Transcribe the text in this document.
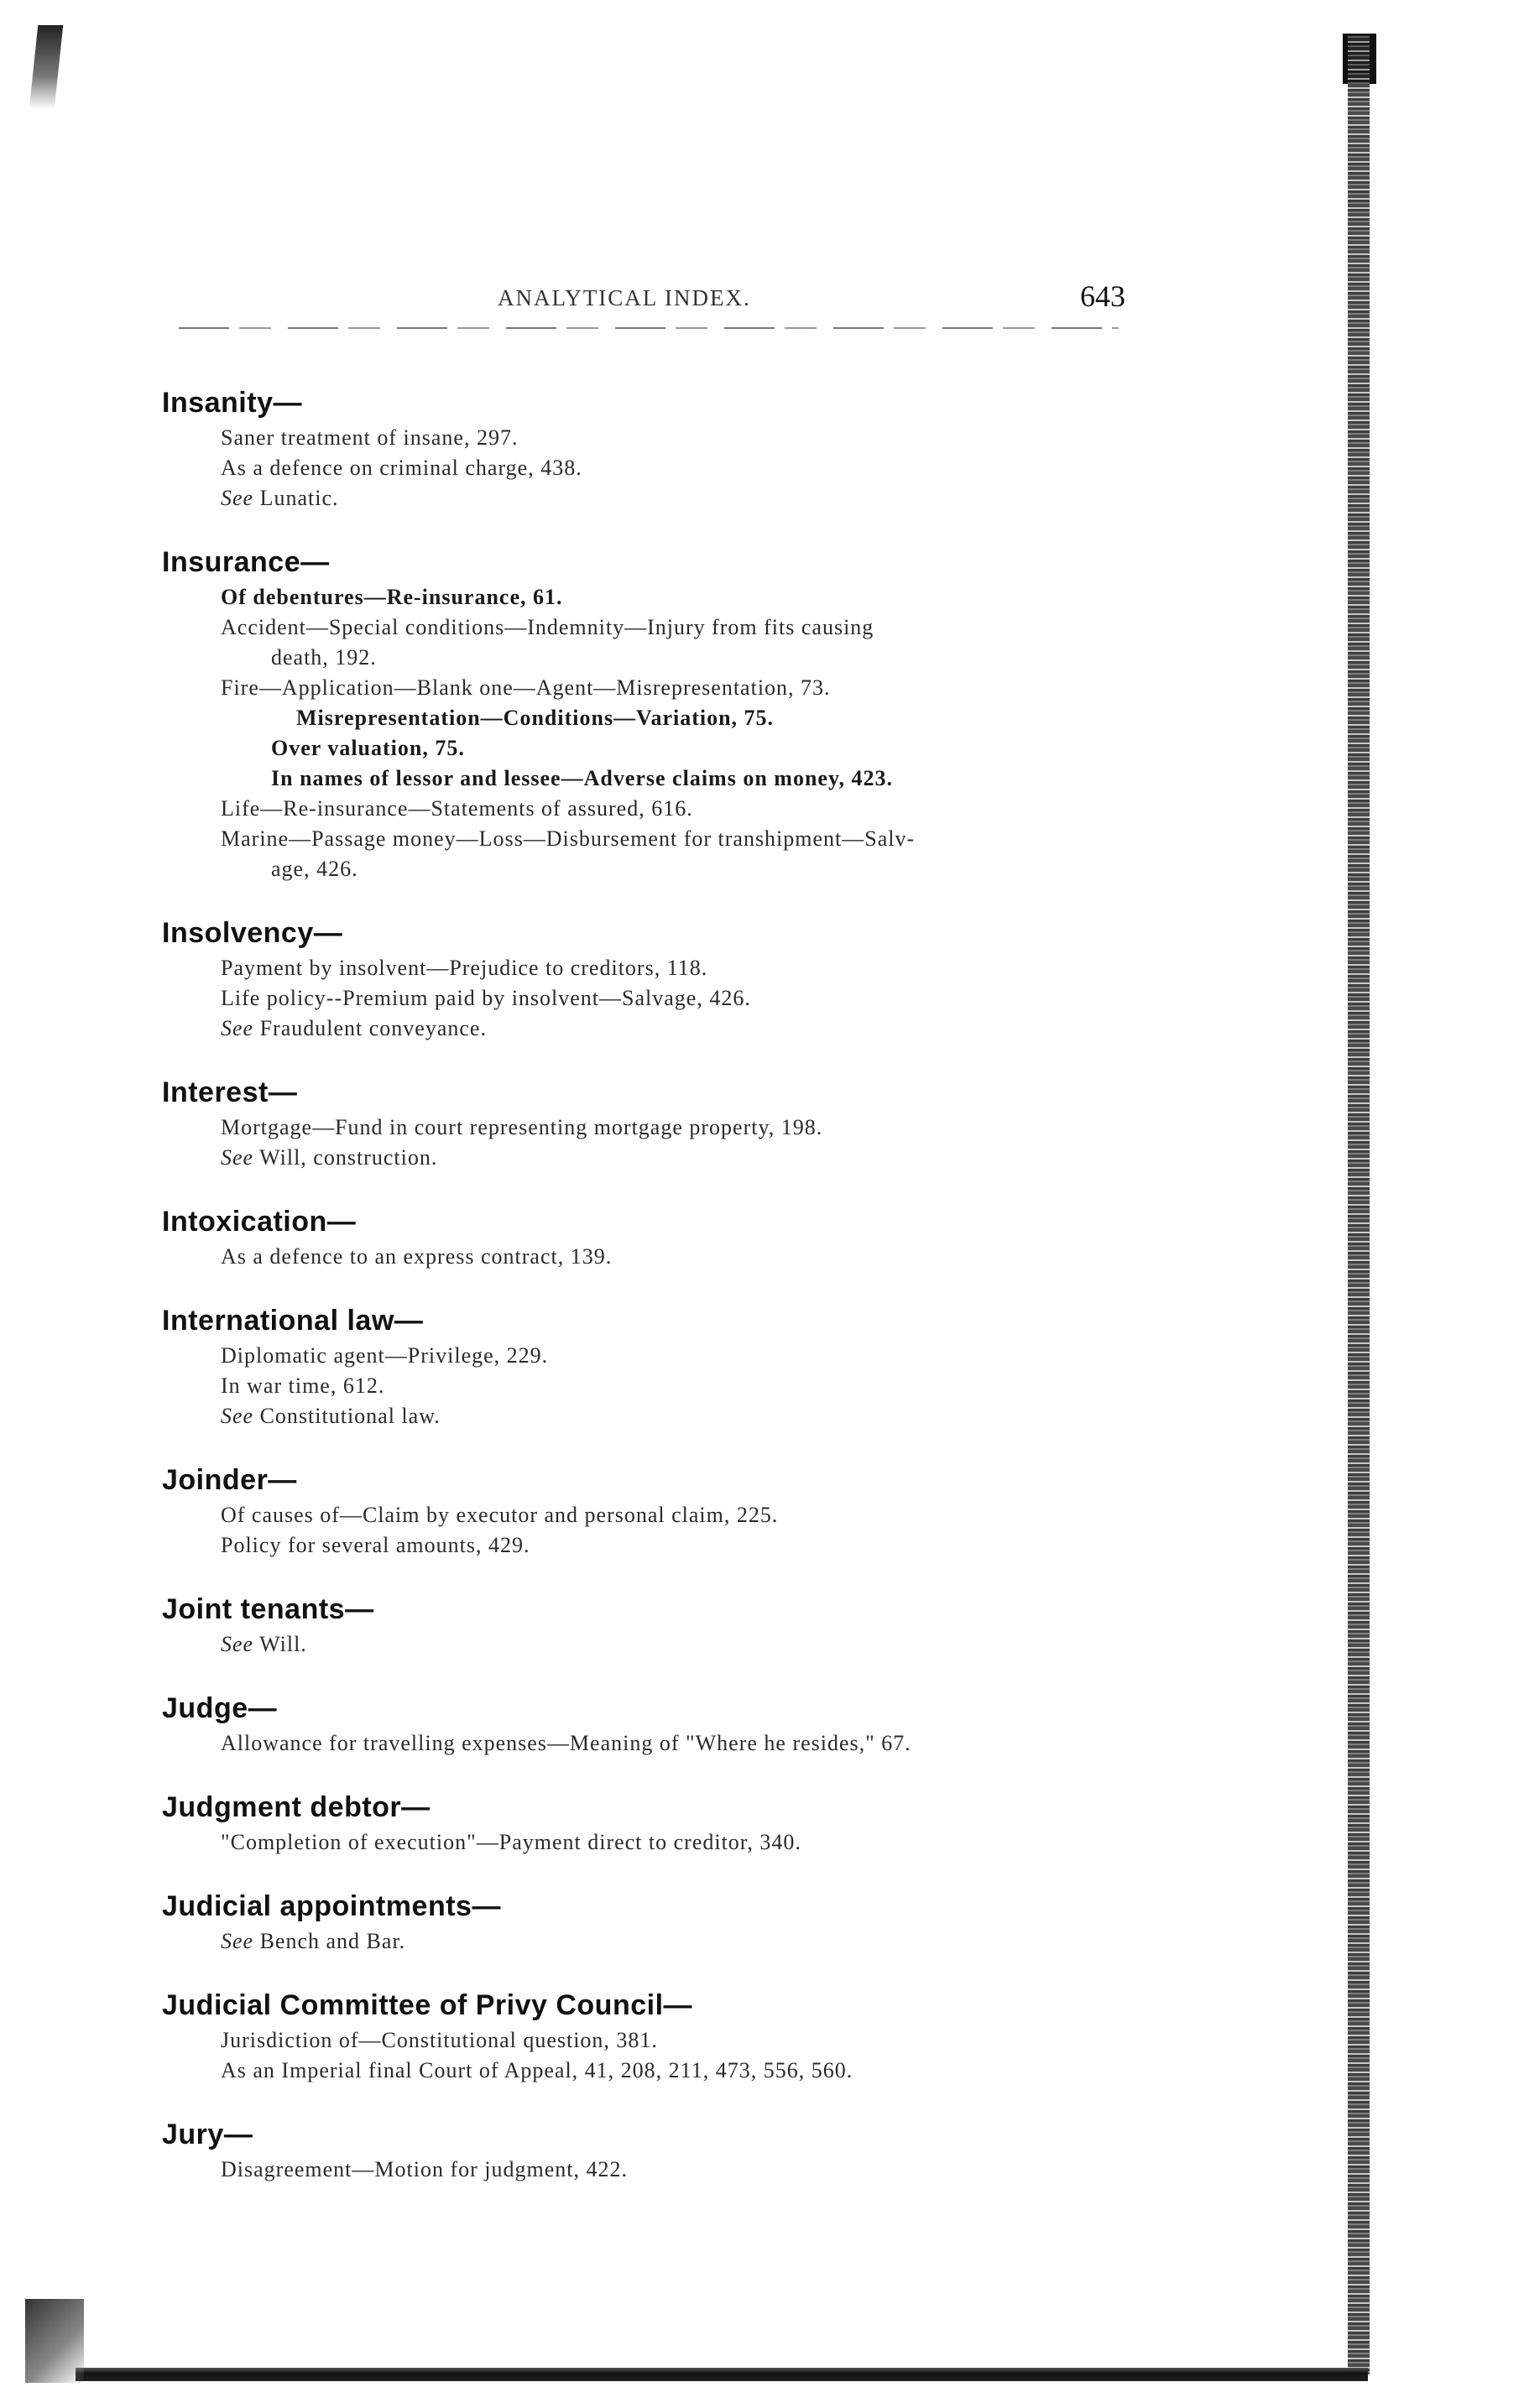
ANALYTICAL INDEX.	643
Insanity—
Saner treatment of insane, 297.
As a defence on criminal charge, 438.
See Lunatic.
Insurance—
Of debentures—Re-insurance, 61.
Accident—Special conditions—Indemnity—Injury from fits causing
death, 192.
Fire—Application—Blank one—Agent—Misrepresentation, 73.
Misrepresentation—Conditions—Variation, 75.
Over valuation, 75.
In names of lessor and lessee—Adverse claims on money, 423.
Life—Re-insurance—Statements of assured, 616.
Marine—Passage money—Loss—Disbursement for transhipment—Salv-
age, 426.
Insolvency—
Payment by insolvent—Prejudice to creditors, 118.
Life policy--Premium paid by insolvent—Salvage, 426.
See Fraudulent conveyance.
Interest—
Mortgage—Fund in court representing mortgage property, 198.
See Will, construction.
Intoxication—
As a defence to an express contract, 139.
International law—
Diplomatic agent—Privilege, 229.
In war time, 612.
See Constitutional law.
Joinder—
Of causes of—Claim by executor and personal claim, 225.
Policy for several amounts, 429.
Joint tenants—
See Will.
Judge—
Allowance for travelling expenses—Meaning of "Where he resides," 67.
Judgment debtor—
"Completion of execution"—Payment direct to creditor, 340.
Judicial appointments—
See Bench and Bar.
Judicial Committee of Privy Council—
Jurisdiction of—Constitutional question, 381.
As an Imperial final Court of Appeal, 41, 208, 211, 473, 556, 560.
Jury—
Disagreement—Motion for judgment, 422.
